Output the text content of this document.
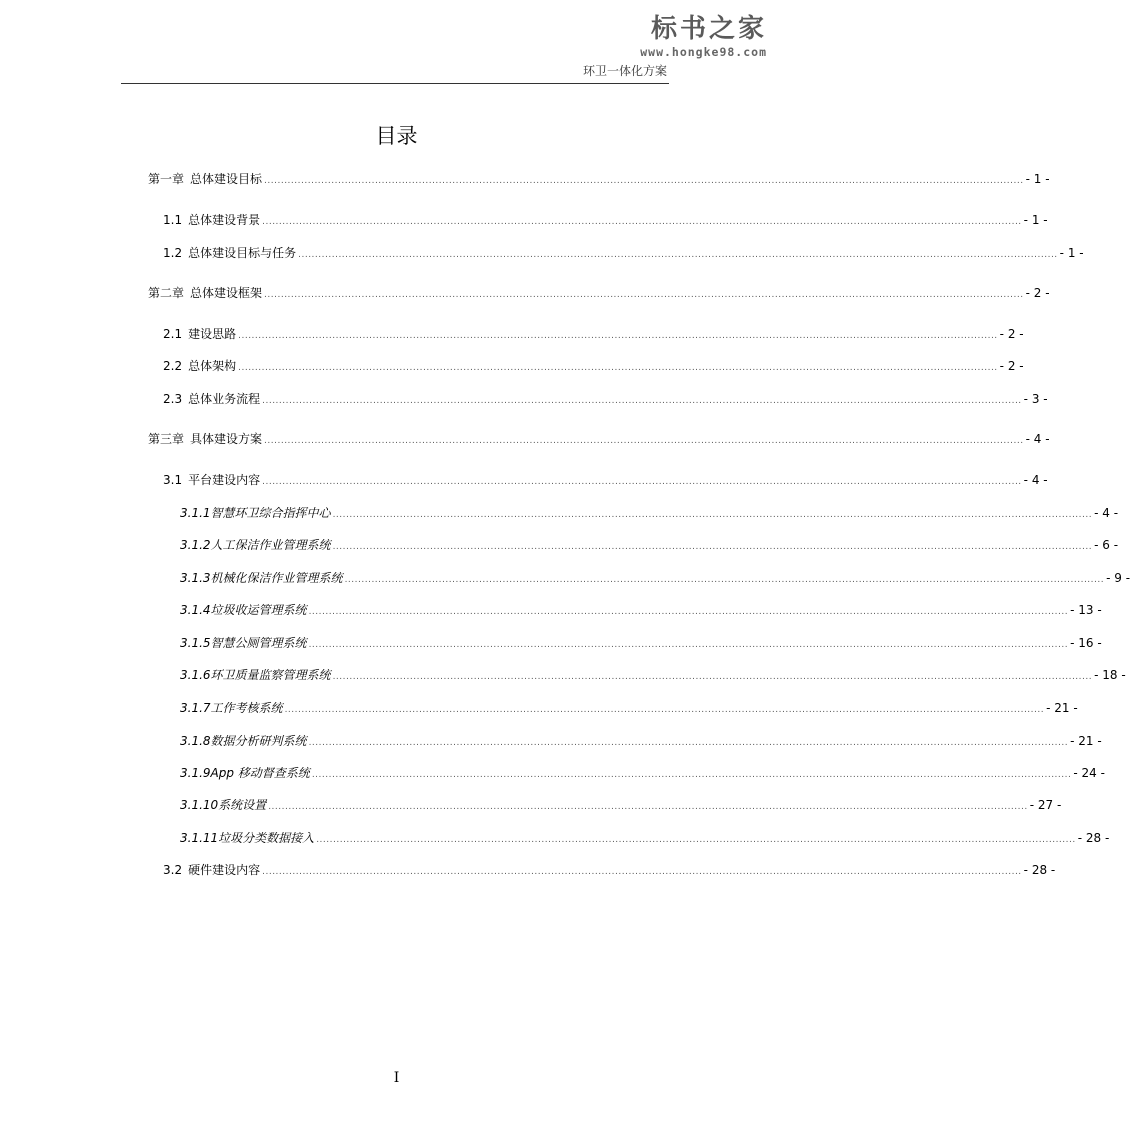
标书之家
www.hongke98.com
环卫一体化方案
目录
第一章 总体建设目标 .................................................................................................................................................................................................................................. - 1 -
1.1 总体建设背景 .................................................................................................................................................................................................................................. - 1 -
1.2 总体建设目标与任务 .................................................................................................................................................................................................................................. - 1 -
第二章 总体建设框架 .................................................................................................................................................................................................................................. - 2 -
2.1 建设思路 .................................................................................................................................................................................................................................. - 2 -
2.2 总体架构 .................................................................................................................................................................................................................................. - 2 -
2.3 总体业务流程 .................................................................................................................................................................................................................................. - 3 -
第三章 具体建设方案 .................................................................................................................................................................................................................................. - 4 -
3.1 平台建设内容 .................................................................................................................................................................................................................................. - 4 -
3.1.1 智慧环卫综合指挥中心 .................................................................................................................................................................................................................................. - 4 -
3.1.2 人工保洁作业管理系统 .................................................................................................................................................................................................................................. - 6 -
3.1.3 机械化保洁作业管理系统 .................................................................................................................................................................................................................................. - 9 -
3.1.4 垃圾收运管理系统 .................................................................................................................................................................................................................................. - 13 -
3.1.5 智慧公厕管理系统 .................................................................................................................................................................................................................................. - 16 -
3.1.6 环卫质量监察管理系统 .................................................................................................................................................................................................................................. - 18 -
3.1.7 工作考核系统 .................................................................................................................................................................................................................................. - 21 -
3.1.8 数据分析研判系统 .................................................................................................................................................................................................................................. - 21 -
3.1.9 App 移动督查系统 .................................................................................................................................................................................................................................. - 24 -
3.1.10 系统设置 .................................................................................................................................................................................................................................. - 27 -
3.1.11 垃圾分类数据接入 .................................................................................................................................................................................................................................. - 28 -
3.2 硬件建设内容 .................................................................................................................................................................................................................................. - 28 -
I
